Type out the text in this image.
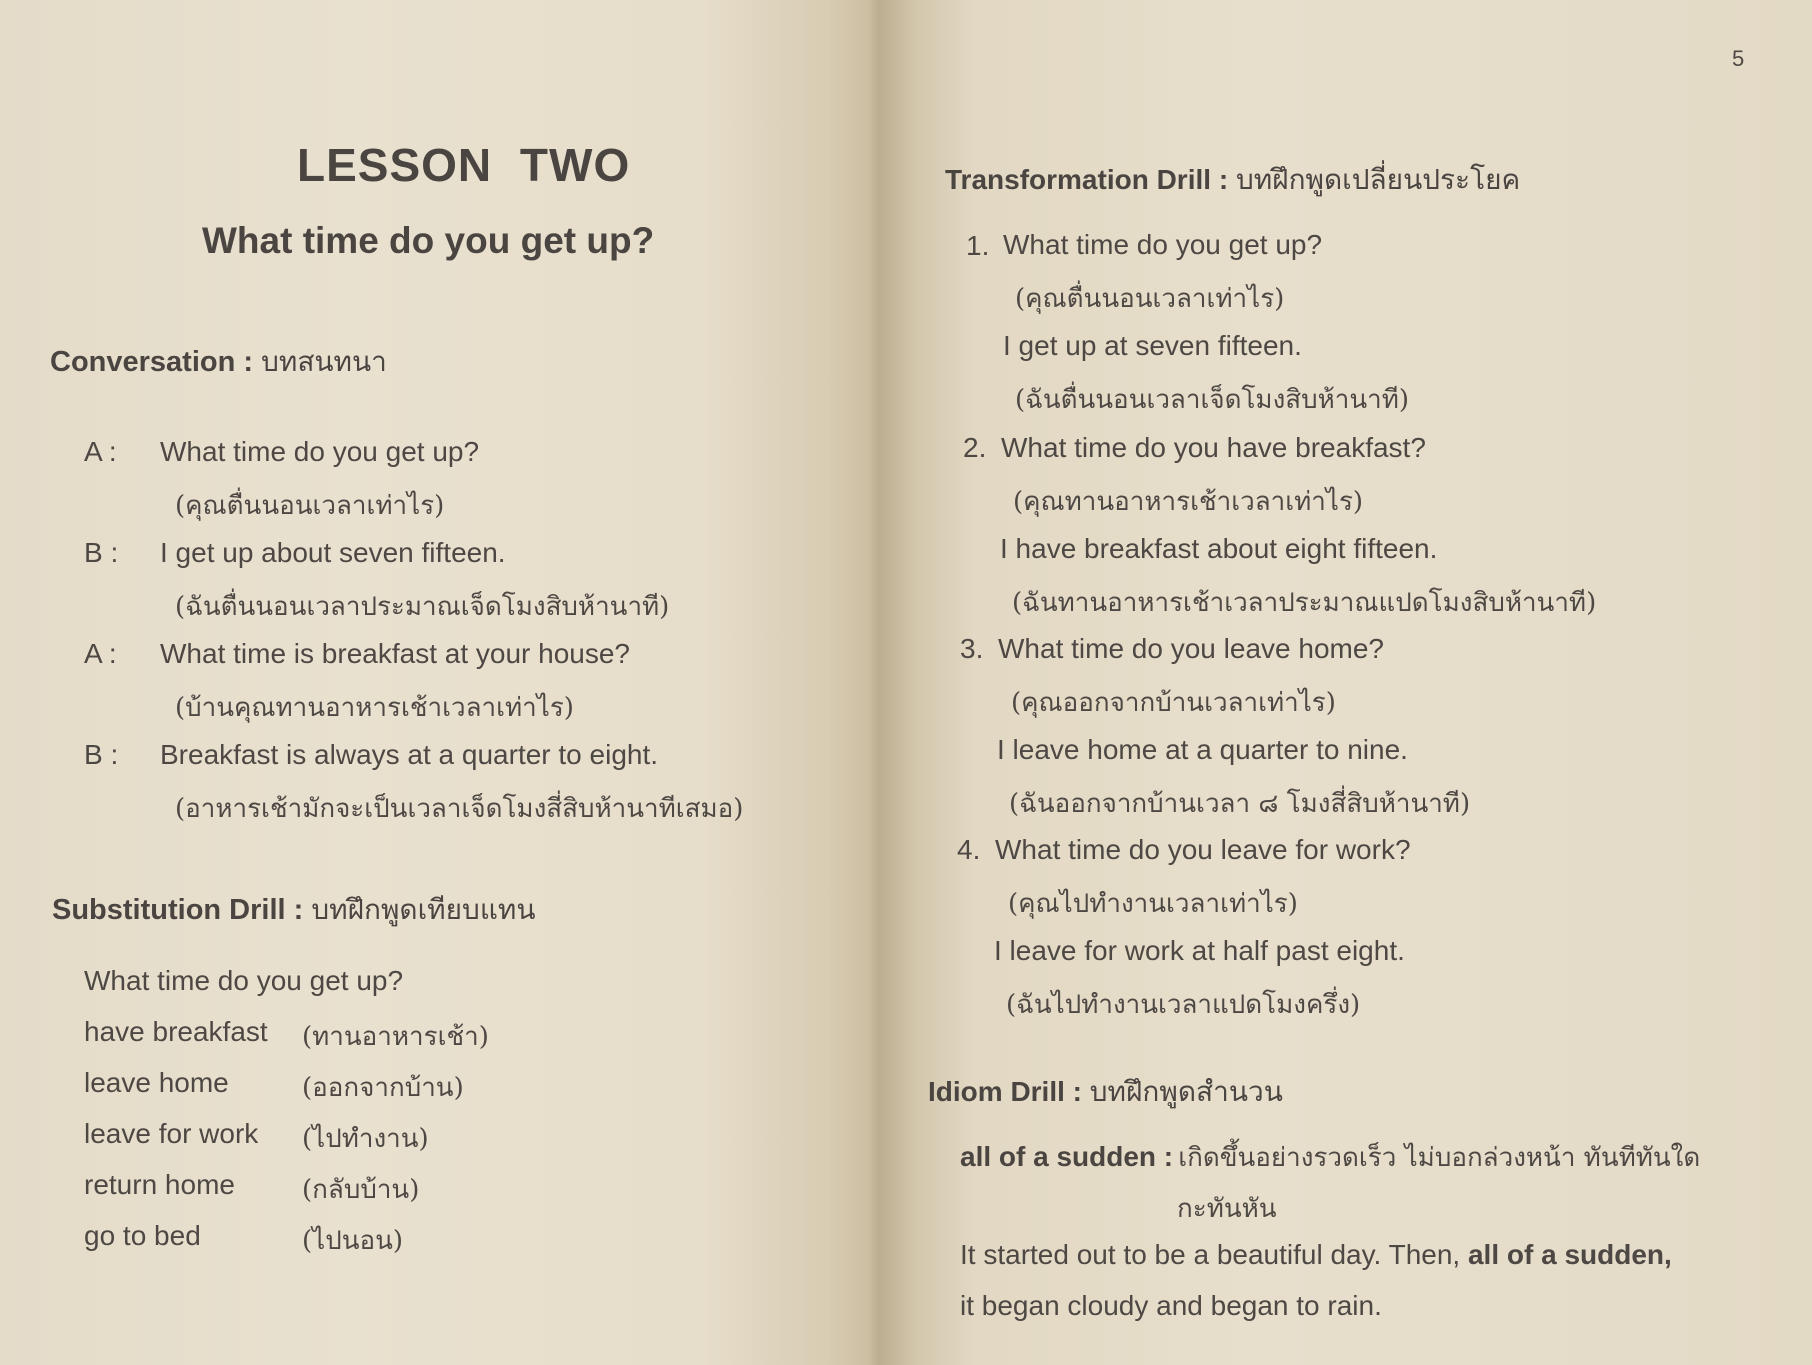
LESSON TWO
What time do you get up?
Conversation : บทสนทนา
A : What time do you get up?
(คุณตื่นนอนเวลาเท่าไร)
B : I get up about seven fifteen.
(ฉันตื่นนอนเวลาประมาณเจ็ดโมงสิบห้านาที)
A : What time is breakfast at your house?
(บ้านคุณทานอาหารเช้าเวลาเท่าไร)
B : Breakfast is always at a quarter to eight.
(อาหารเช้ามักจะเป็นเวลาเจ็ดโมงสี่สิบห้านาทีเสมอ)
Substitution Drill : บทฝึกพูดเทียบแทน
What time do you get up?
have breakfast (ทานอาหารเช้า)
leave home	(ออกจากบ้าน)
leave for work (ไปทำงาน)
return home	(กลับบ้าน)
go to bed	(ไปนอน)
5
Transformation Drill : บทฝึกพูดเปลี่ยนประโยค
1. What time do you get up?
(คุณตื่นนอนเวลาเท่าไร)
I get up at seven fifteen.
(ฉันตื่นนอนเวลาเจ็ดโมงสิบห้านาที)
2. What time do you have breakfast?
(คุณทานอาหารเช้าเวลาเท่าไร)
I have breakfast about eight fifteen.
(ฉันทานอาหารเช้าเวลาประมาณแปดโมงสิบห้านาที)
3. What time do you leave home?
(คุณออกจากบ้านเวลาเท่าไร)
I leave home at a quarter to nine.
(ฉันออกจากบ้านเวลา ๘ โมงสี่สิบห้านาที)
4. What time do you leave for work?
(คุณไปทำงานเวลาเท่าไร)
I leave for work at half past eight.
(ฉันไปทำงานเวลาแปดโมงครึ่ง)
Idiom Drill : บทฝึกพูดสำนวน
all of a sudden : เกิดขึ้นอย่างรวดเร็ว ไม่บอกล่วงหน้า ทันทีทันใด
กะทันหัน
It started out to be a beautiful day. Then, all of a sudden,
it began cloudy and began to rain.
